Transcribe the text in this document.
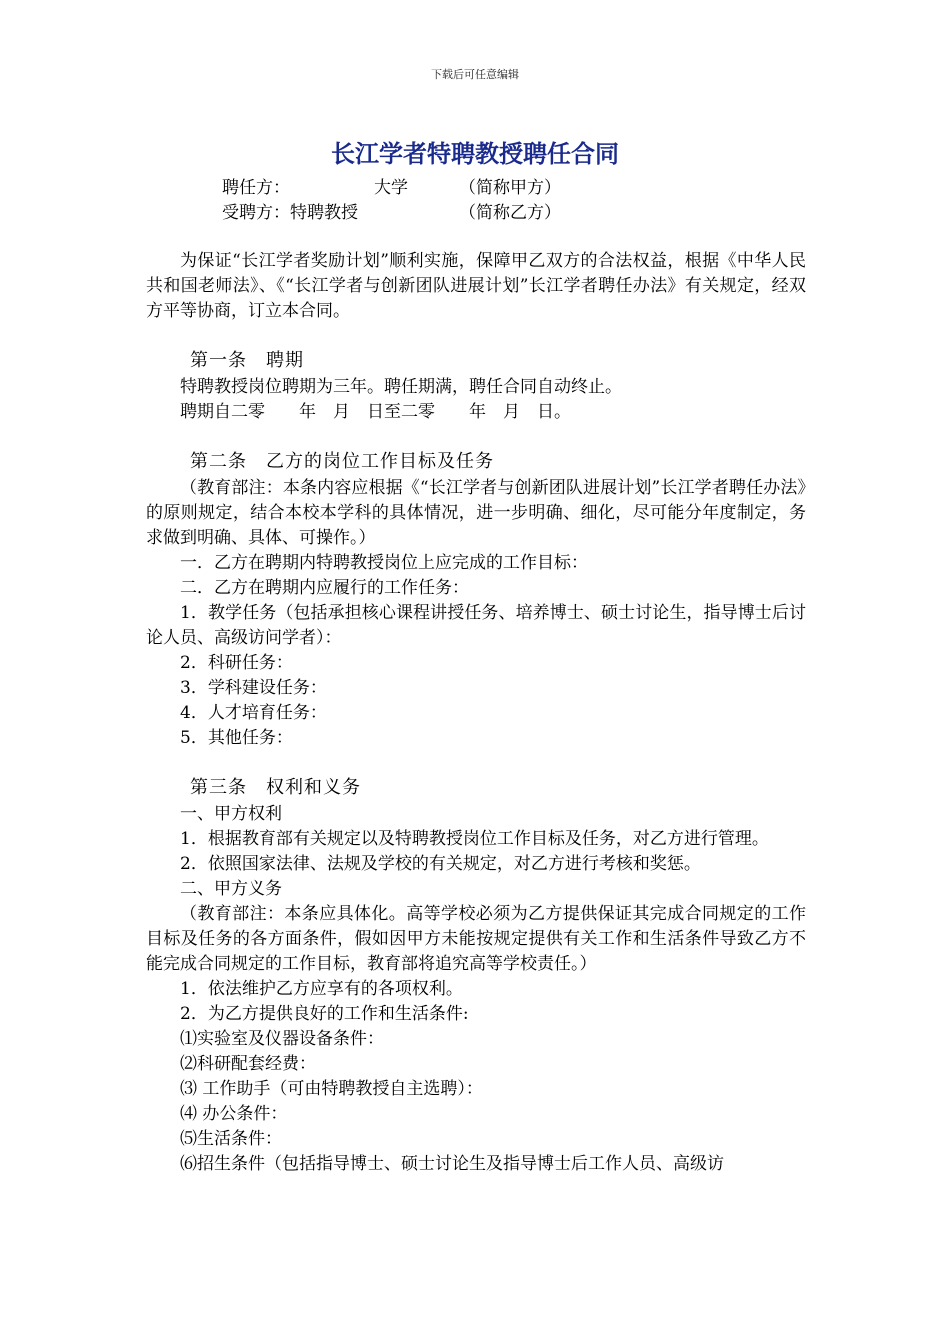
下载后可任意编辑
长江学者特聘教授聘任合同
聘任方：	大学	（简称甲方）
受聘方：特聘教授	（简称乙方）

为保证“长江学者奖励计划”顺利实施，保障甲乙双方的合法权益，根据《中华人民共和国老师法》、《“长江学者与创新团队进展计划”长江学者聘任办法》有关规定，经双方平等协商，订立本合同。

第一条　聘期

特聘教授岗位聘期为三年。聘任期满，聘任合同自动终止。

聘期自二零　　年　月　日至二零　　年　月　日。

第二条　乙方的岗位工作目标及任务

（教育部注：本条内容应根据《“长江学者与创新团队进展计划”长江学者聘任办法》的原则规定，结合本校本学科的具体情况，进一步明确、细化，尽可能分年度制定，务求做到明确、具体、可操作。）

一．乙方在聘期内特聘教授岗位上应完成的工作目标：

二．乙方在聘期内应履行的工作任务：

1．教学任务（包括承担核心课程讲授任务、培养博士、硕士讨论生，指导博士后讨论人员、高级访问学者）：

2．科研任务：

3．学科建设任务：

4．人才培育任务：

5．其他任务：

第三条　权利和义务

一、甲方权利

1．根据教育部有关规定以及特聘教授岗位工作目标及任务，对乙方进行管理。

2．依照国家法律、法规及学校的有关规定，对乙方进行考核和奖惩。

二、甲方义务

（教育部注：本条应具体化。高等学校必须为乙方提供保证其完成合同规定的工作目标及任务的各方面条件，假如因甲方未能按规定提供有关工作和生活条件导致乙方不能完成合同规定的工作目标，教育部将追究高等学校责任。）

1．依法维护乙方应享有的各项权利。

2．为乙方提供良好的工作和生活条件:

⑴实验室及仪器设备条件：

⑵科研配套经费：

⑶ 工作助手（可由特聘教授自主选聘）：

⑷ 办公条件：

⑸生活条件：

⑹招生条件（包括指导博士、硕士讨论生及指导博士后工作人员、高级访
